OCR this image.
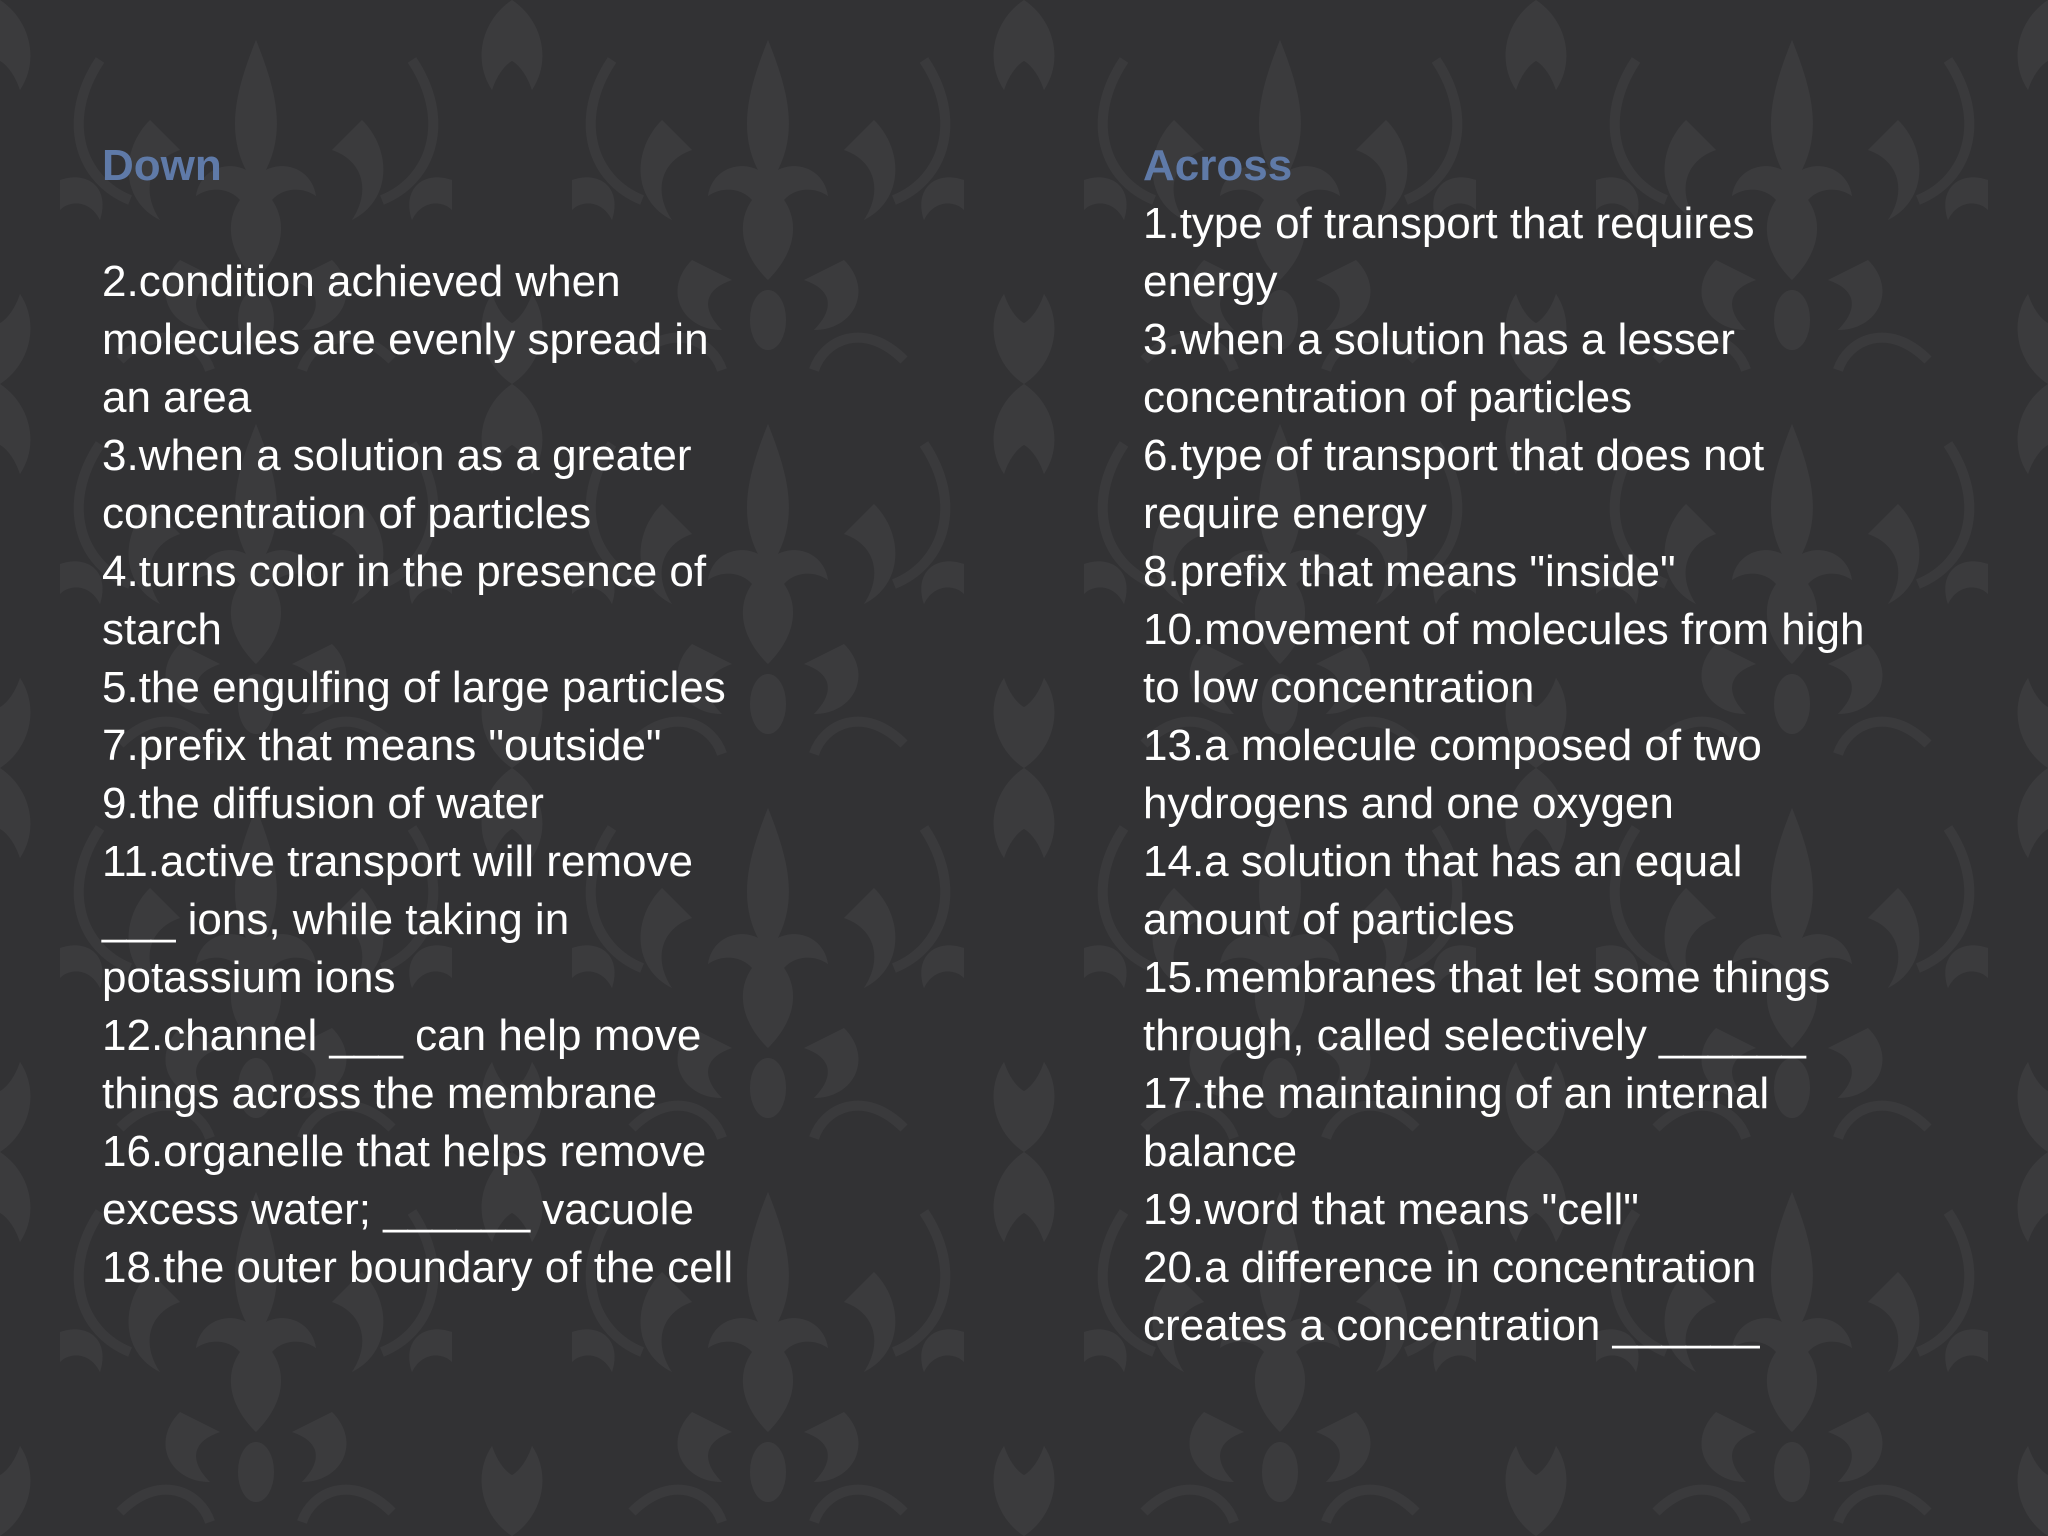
Down
2.condition achieved when
molecules are evenly spread in
an area
3.when a solution as a greater
concentration of particles
4.turns color in the presence of
starch
5.the engulfing of large particles
7.prefix that means "outside"
9.the diffusion of water
11.active transport will remove
___ ions, while taking in
potassium ions
12.channel ___ can help move
things across the membrane
16.organelle that helps remove
excess water; ______ vacuole
18.the outer boundary of the cell
Across
1.type of transport that requires
energy
3.when a solution has a lesser
concentration of particles
6.type of transport that does not
require energy
8.prefix that means "inside"
10.movement of molecules from high
to low concentration
13.a molecule composed of two
hydrogens and one oxygen
14.a solution that has an equal
amount of particles
15.membranes that let some things
through, called selectively ______
17.the maintaining of an internal
balance
19.word that means "cell"
20.a difference in concentration
creates a concentration ______
